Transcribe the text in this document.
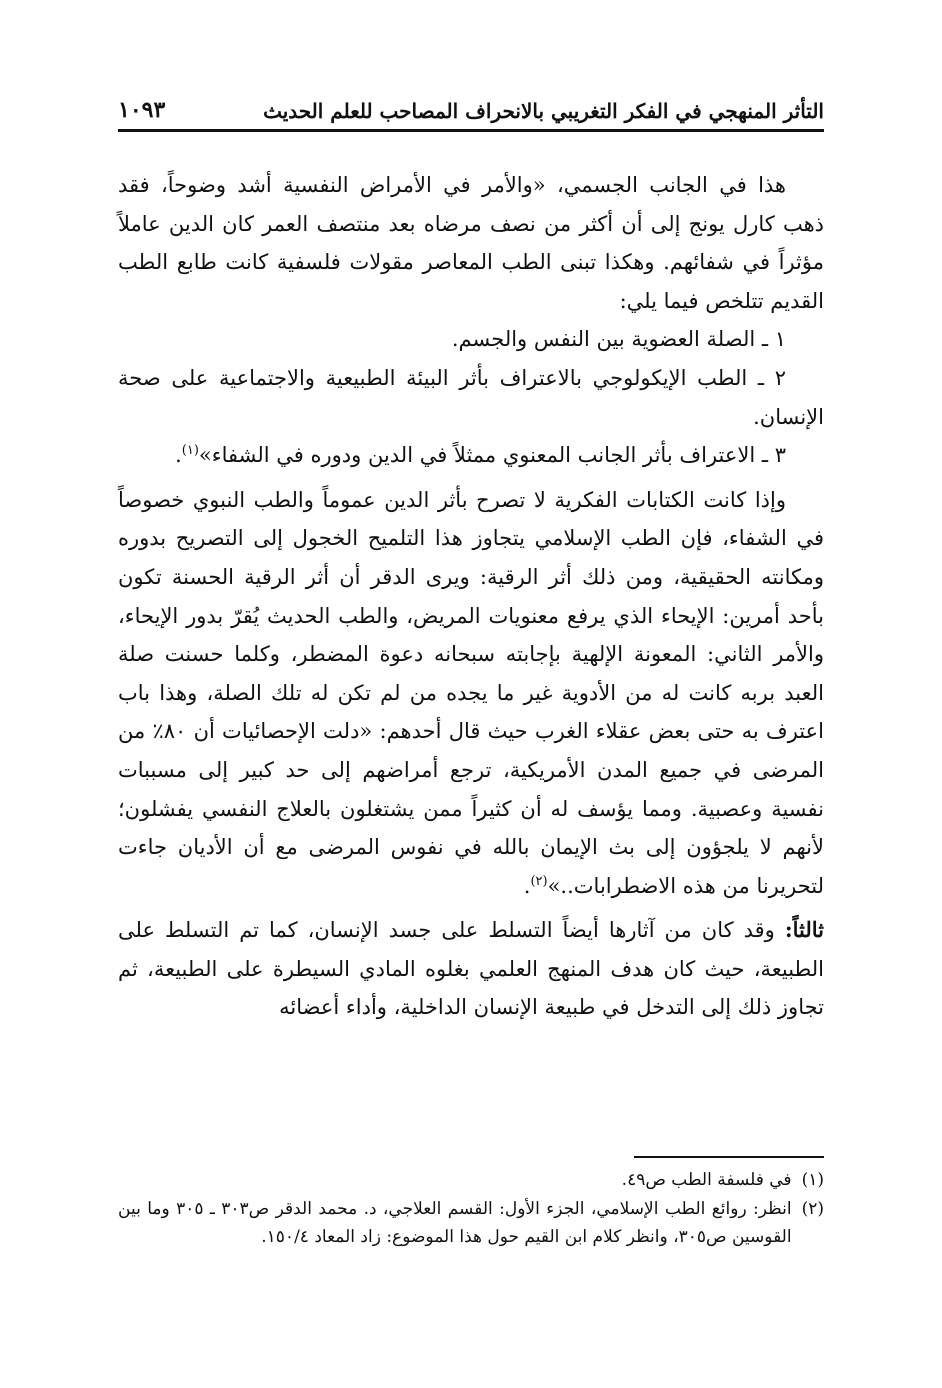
التأثر المنهجي في الفكر التغريبي بالانحراف المصاحب للعلم الحديث
١٠٩٣

هذا في الجانب الجسمي، «والأمر في الأمراض النفسية أشد وضوحاً، فقد ذهب كارل يونج إلى أن أكثر من نصف مرضاه بعد منتصف العمر كان الدين عاملاً مؤثراً في شفائهم. وهكذا تبنى الطب المعاصر مقولات فلسفية كانت طابع الطب القديم تتلخص فيما يلي:

١ ـ الصلة العضوية بين النفس والجسم.

٢ ـ الطب الإيكولوجي بالاعتراف بأثر البيئة الطبيعية والاجتماعية على صحة الإنسان.

٣ ـ الاعتراف بأثر الجانب المعنوي ممثلاً في الدين ودوره في الشفاء»$^{(١)}$.

وإذا كانت الكتابات الفكرية لا تصرح بأثر الدين عموماً والطب النبوي خصوصاً في الشفاء، فإن الطب الإسلامي يتجاوز هذا التلميح الخجول إلى التصريح بدوره ومكانته الحقيقية، ومن ذلك أثر الرقية: ويرى الدقر أن أثر الرقية الحسنة تكون بأحد أمرين: الإيحاء الذي يرفع معنويات المريض، والطب الحديث يُقرّ بدور الإيحاء، والأمر الثاني: المعونة الإلهية بإجابته سبحانه دعوة المضطر، وكلما حسنت صلة العبد بربه كانت له من الأدوية غير ما يجده من لم تكن له تلك الصلة، وهذا باب اعترف به حتى بعض عقلاء الغرب حيث قال أحدهم: «دلت الإحصائيات أن ٨٠٪ من المرضى في جميع المدن الأمريكية، ترجع أمراضهم إلى حد كبير إلى مسببات نفسية وعصبية. ومما يؤسف له أن كثيراً ممن يشتغلون بالعلاج النفسي يفشلون؛ لأنهم لا يلجؤون إلى بث الإيمان بالله في نفوس المرضى مع أن الأديان جاءت لتحريرنا من هذه الاضطرابات..»$^{(٢)}$.

ثالثاً: وقد كان من آثارها أيضاً التسلط على جسد الإنسان، كما تم التسلط على الطبيعة، حيث كان هدف المنهج العلمي بغلوه المادي السيطرة على الطبيعة، ثم تجاوز ذلك إلى التدخل في طبيعة الإنسان الداخلية، وأداء أعضائه

(١)
في فلسفة الطب ص٤٩.
(٢)
انظر: روائع الطب الإسلامي، الجزء الأول: القسم العلاجي، د. محمد الدقر ص٣٠٣ ـ ٣٠٥ وما بين القوسين ص٣٠٥، وانظر كلام ابن القيم حول هذا الموضوع: زاد المعاد ١٥٠/٤.
